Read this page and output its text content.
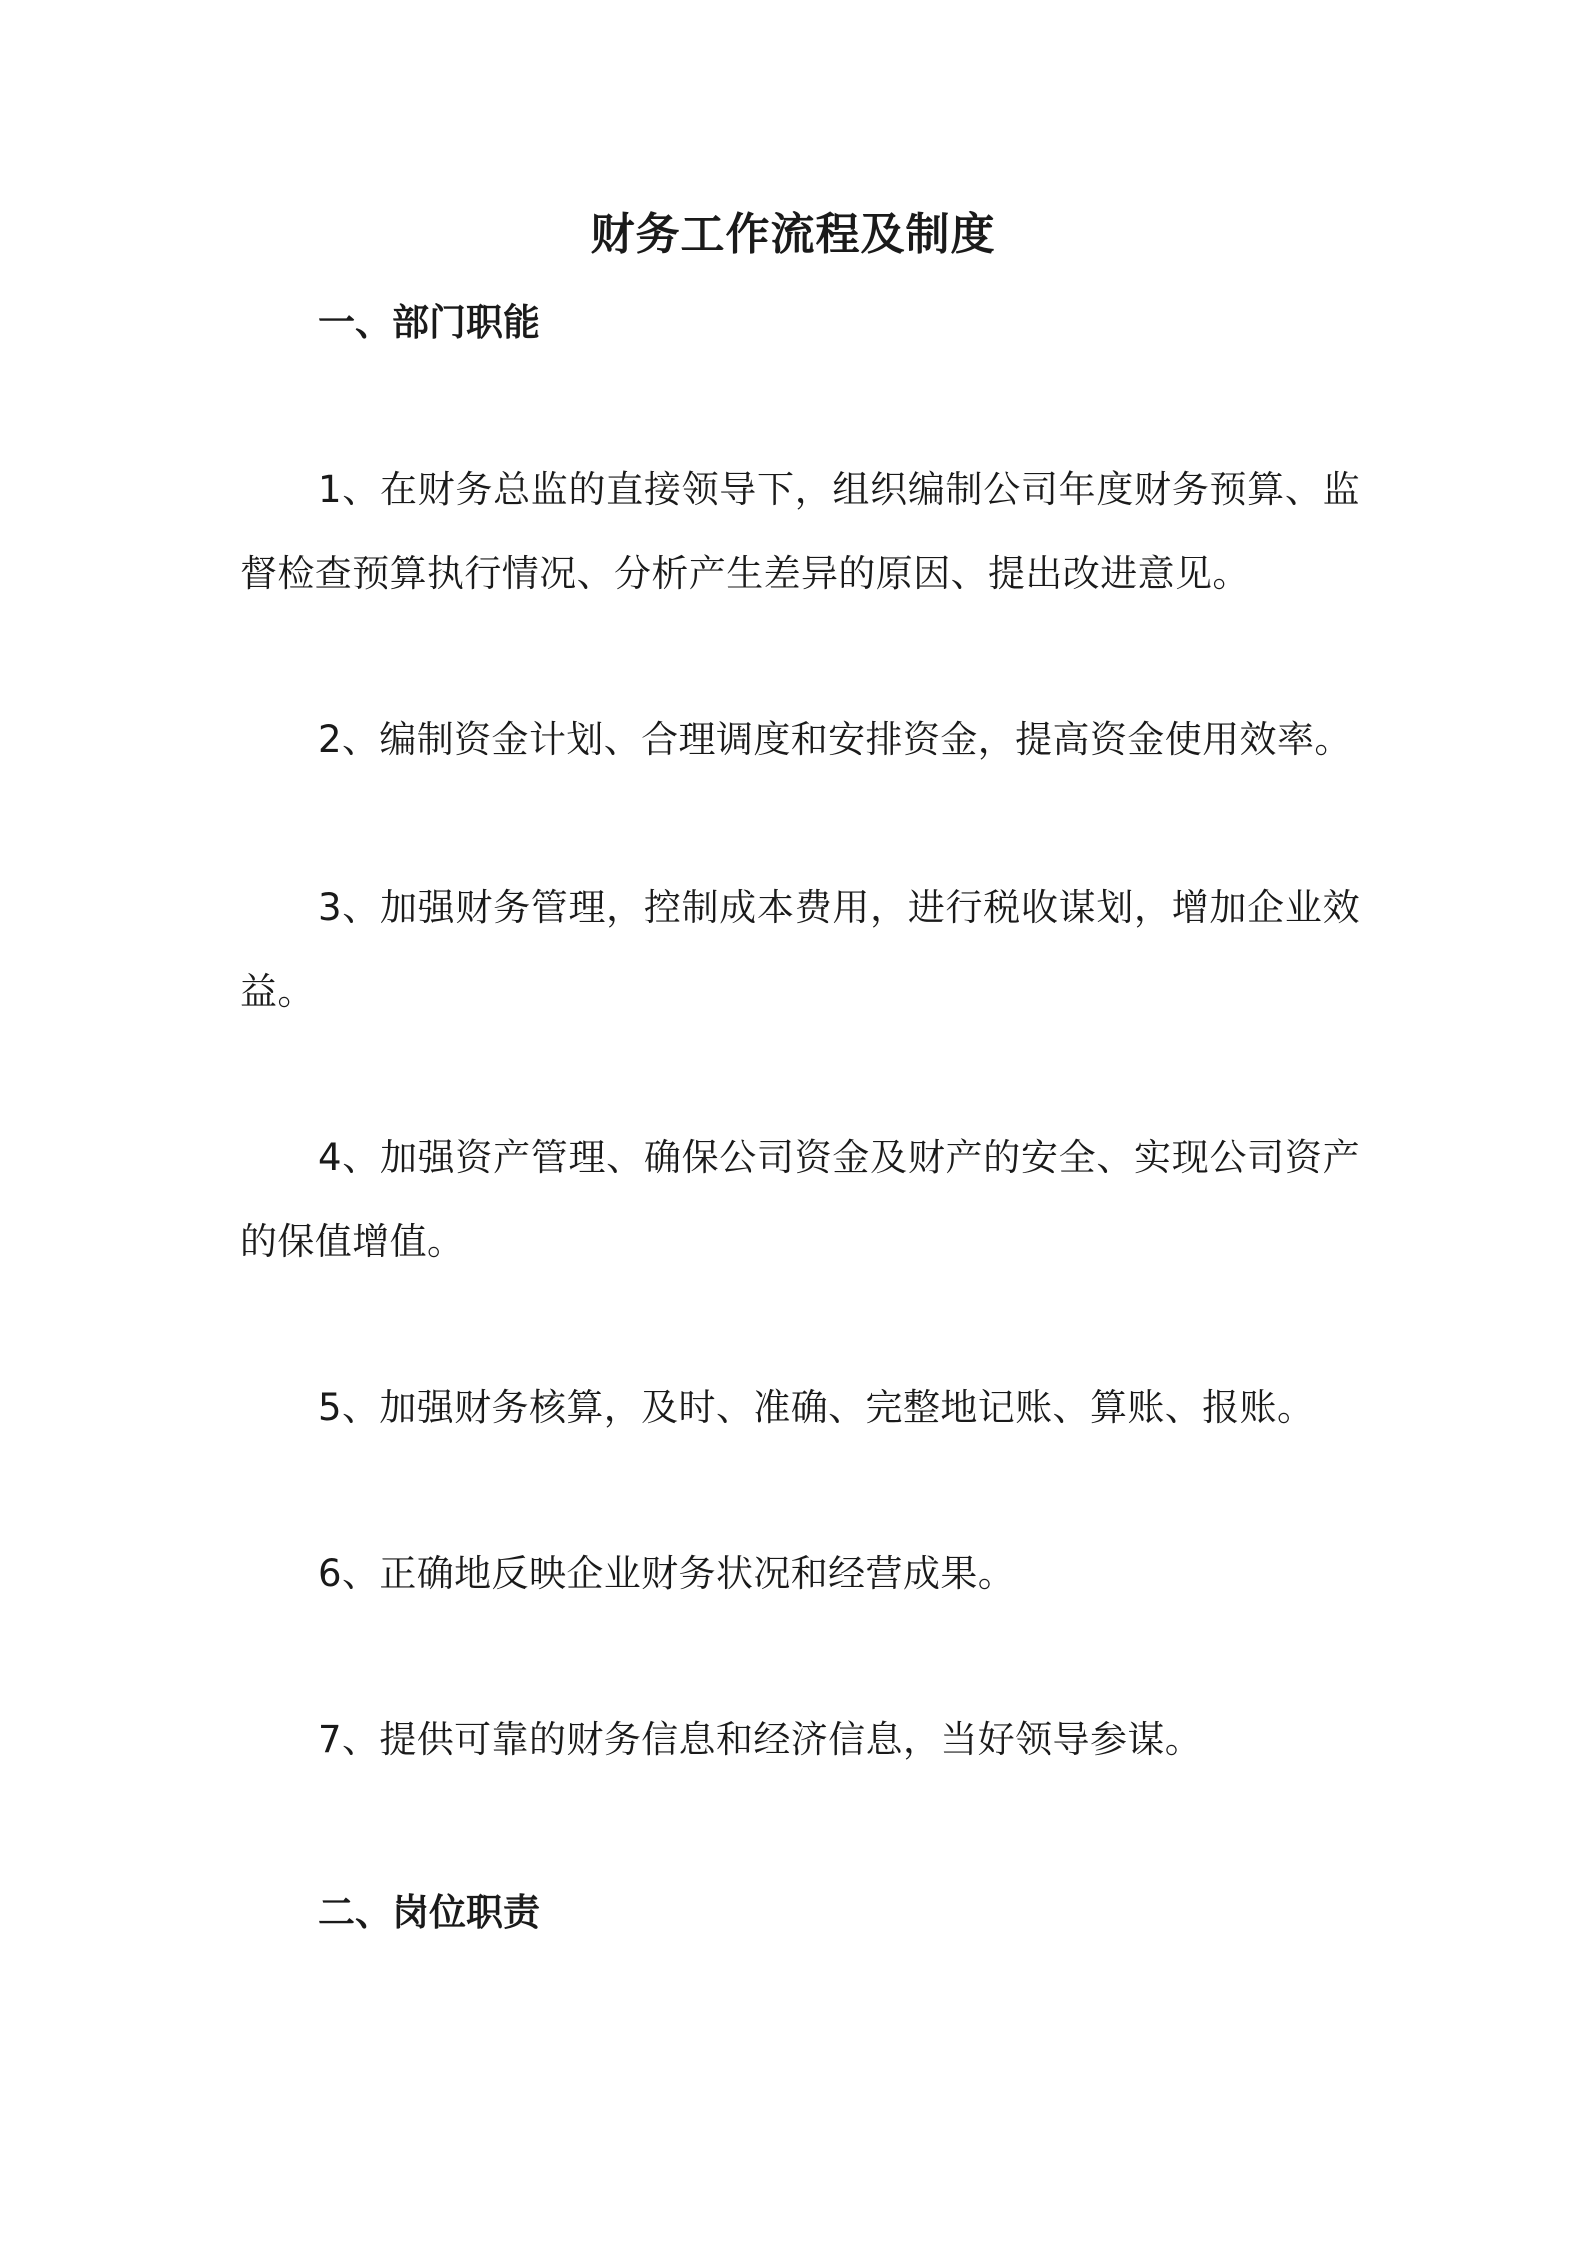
财务工作流程及制度
一、部门职能

1、在财务总监的直接领导下，组织编制公司年度财务预算、监督检查预算执行情况、分析产生差异的原因、提出改进意见。

2、编制资金计划、合理调度和安排资金，提高资金使用效率。

3、加强财务管理，控制成本费用，进行税收谋划，增加企业效益。

4、加强资产管理、确保公司资金及财产的安全、实现公司资产的保值增值。

5、加强财务核算，及时、准确、完整地记账、算账、报账。

6、正确地反映企业财务状况和经营成果。

7、提供可靠的财务信息和经济信息，当好领导参谋。

二、岗位职责
